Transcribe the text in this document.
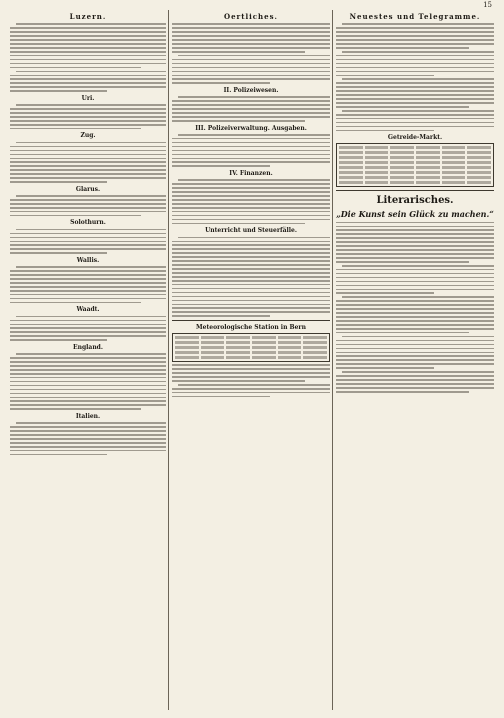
15
Luzern.
Uri.
Zug.
Glarus.
Solothurn.
Wallis.
Waadt.
England.
Italien.
Oertliches.
II. Polizeiwesen.
III. Polizeiverwaltung. Ausgaben.
IV. Finanzen.
Unterricht und Steuerfälle.
Meteorologische Station in Bern
Neuestes und Telegramme.
Getreide-Markt.
Literarisches.
„Die Kunst sein Glück zu machen.“
